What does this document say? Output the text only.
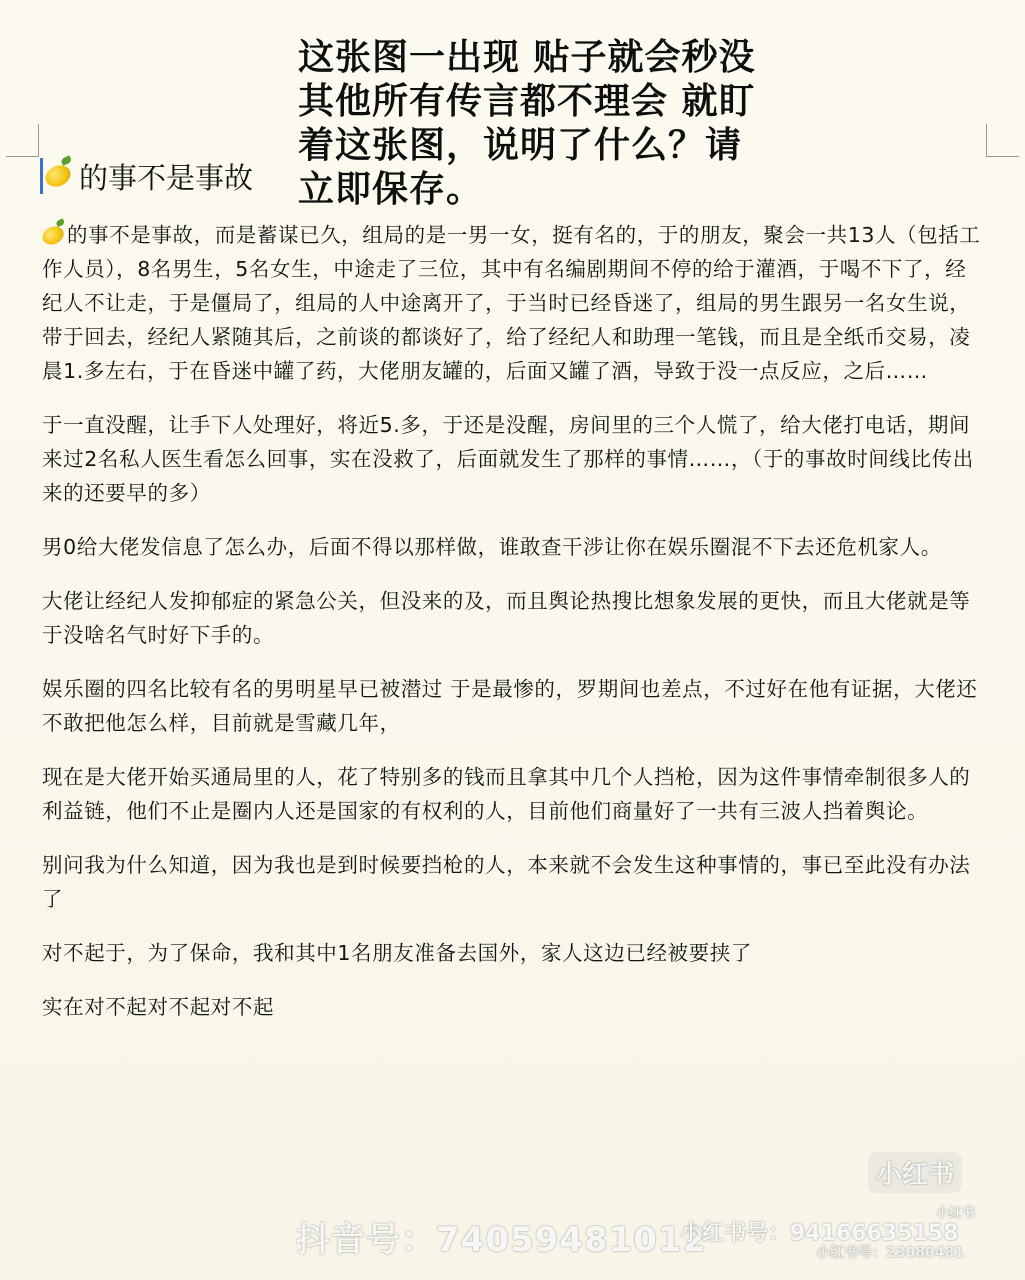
这张图一出现 贴子就会秒没
其他所有传言都不理会 就盯
着这张图，说明了什么？请
立即保存。
的事不是事故

的事不是事故，而是蓄谋已久，组局的是一男一女，挺有名的，于的朋友，聚会一共13人（包括工作人员），8名男生，5名女生，中途走了三位，其中有名编剧期间不停的给于灌酒，于喝不下了，经纪人不让走，于是僵局了，组局的人中途离开了，于当时已经昏迷了，组局的男生跟另一名女生说，带于回去，经纪人紧随其后，之前谈的都谈好了，给了经纪人和助理一笔钱，而且是全纸币交易，凌晨1.多左右，于在昏迷中罐了药，大佬朋友罐的，后面又罐了酒，导致于没一点反应，之后……

于一直没醒，让手下人处理好，将近5.多，于还是没醒，房间里的三个人慌了，给大佬打电话，期间来过2名私人医生看怎么回事，实在没救了，后面就发生了那样的事情……，（于的事故时间线比传出来的还要早的多）

男0给大佬发信息了怎么办，后面不得以那样做，谁敢查干涉让你在娱乐圈混不下去还危机家人。

大佬让经纪人发抑郁症的紧急公关，但没来的及，而且舆论热搜比想象发展的更快，而且大佬就是等于没啥名气时好下手的。

娱乐圈的四名比较有名的男明星早已被潜过 于是最惨的，罗期间也差点，不过好在他有证据，大佬还不敢把他怎么样，目前就是雪藏几年，

现在是大佬开始买通局里的人，花了特别多的钱而且拿其中几个人挡枪，因为这件事情牵制很多人的利益链，他们不止是圈内人还是国家的有权利的人，目前他们商量好了一共有三波人挡着舆论。

别问我为什么知道，因为我也是到时候要挡枪的人，本来就不会发生这种事情的，事已至此没有办法了

对不起于，为了保命，我和其中1名朋友准备去国外，家人这边已经被要挟了

实在对不起对不起对不起

小红书
小红书
抖音号：74059481012
小红书号：94166635158
小红书号：23080481
